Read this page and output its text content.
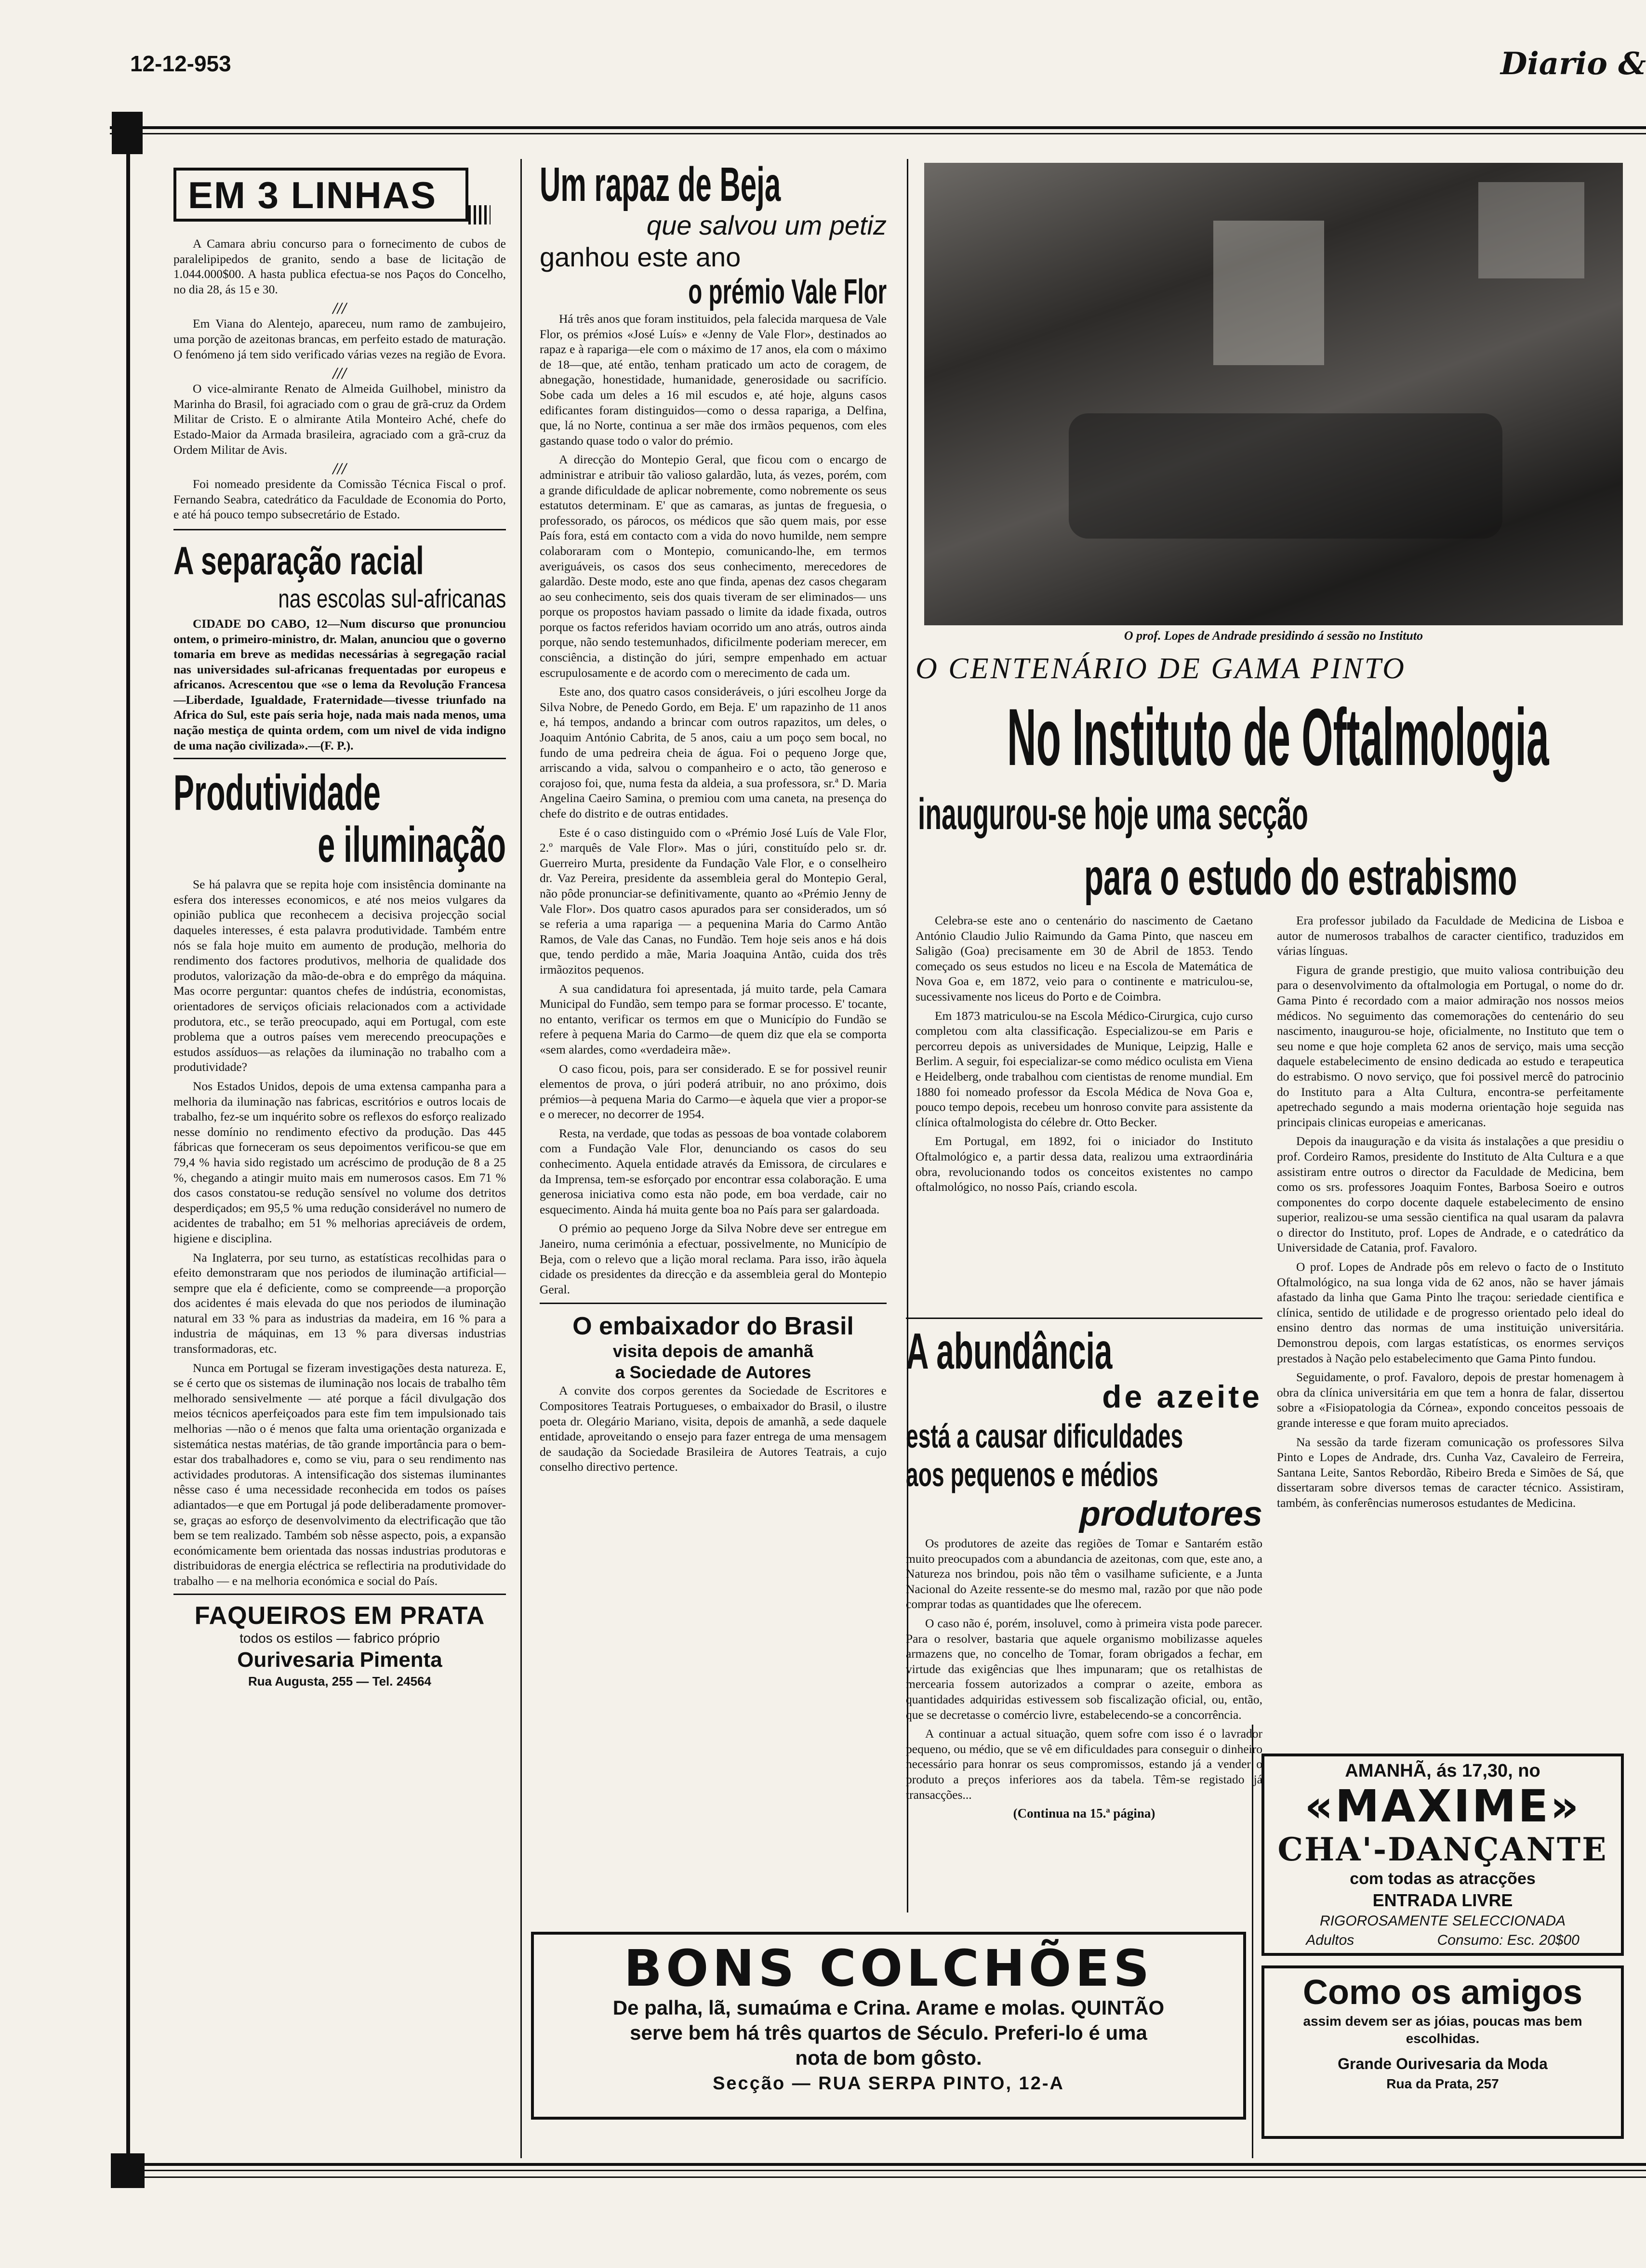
12-12-953	Diario &
EM 3 LINHAS

A Camara abriu concurso para o fornecimento de cubos de paralelipipedos de granito, sendo a base de licitação de 1.044.000$00. A hasta publica efectua-se nos Paços do Concelho, no dia 28, ás 15 e 30.

///

Em Viana do Alentejo, apareceu, num ramo de zambujeiro, uma porção de azeitonas brancas, em perfeito estado de maturação. O fenómeno já tem sido verificado várias vezes na região de Evora.

///

O vice-almirante Renato de Almeida Guilhobel, ministro da Marinha do Brasil, foi agraciado com o grau de grã-cruz da Ordem Militar de Cristo. E o almirante Atila Monteiro Aché, chefe do Estado-Maior da Armada brasileira, agraciado com a grã-cruz da Ordem Militar de Avis.

///

Foi nomeado presidente da Comissão Técnica Fiscal o prof. Fernando Seabra, catedrático da Faculdade de Economia do Porto, e até há pouco tempo subsecretário de Estado.

A separação racial
nas escolas sul-africanas

CIDADE DO CABO, 12—Num discurso que pronunciou ontem, o primeiro-ministro, dr. Malan, anunciou que o governo tomaria em breve as medidas necessárias à segregação racial nas universidades sul-africanas frequentadas por europeus e africanos. Acrescentou que «se o lema da Revolução Francesa—Liberdade, Igualdade, Fraternidade—tivesse triunfado na Africa do Sul, este país seria hoje, nada mais nada menos, uma nação mestiça de quinta ordem, com um nivel de vida indigno de uma nação civilizada».—(F. P.).

Produtividade
e iluminação

Se há palavra que se repita hoje com insistência dominante na esfera dos interesses economicos, e até nos meios vulgares da opinião publica que reconhecem a decisiva projecção social daqueles interesses, é esta palavra produtividade. Também entre nós se fala hoje muito em aumento de produção, melhoria do rendimento dos factores produtivos, melhoria de qualidade dos produtos, valorização da mão-de-obra e do emprêgo da máquina. Mas ocorre perguntar: quantos chefes de indústria, economistas, orientadores de serviços oficiais relacionados com a actividade produtora, etc., se terão preocupado, aqui em Portugal, com este problema que a outros países vem merecendo preocupações e estudos assíduos—as relações da iluminação no trabalho com a produtividade?

Nos Estados Unidos, depois de uma extensa campanha para a melhoria da iluminação nas fabricas, escritórios e outros locais de trabalho, fez-se um inquérito sobre os reflexos do esforço realizado nesse domínio no rendimento efectivo da produção. Das 445 fábricas que forneceram os seus depoimentos verificou-se que em 79,4 % havia sido registado um acréscimo de produção de 8 a 25 %, chegando a atingir muito mais em numerosos casos. Em 71 % dos casos constatou-se redução sensível no volume dos detritos desperdiçados; em 95,5 % uma redução considerável no numero de acidentes de trabalho; em 51 % melhorias apreciáveis de ordem, higiene e disciplina.

Na Inglaterra, por seu turno, as estatísticas recolhidas para o efeito demonstraram que nos periodos de iluminação artificial—sempre que ela é deficiente, como se compreende—a proporção dos acidentes é mais elevada do que nos periodos de iluminação natural em 33 % para as industrias da madeira, em 16 % para a industria de máquinas, em 13 % para diversas industrias transformadoras, etc.

Nunca em Portugal se fizeram investigações desta natureza. E, se é certo que os sistemas de iluminação nos locais de trabalho têm melhorado sensivelmente — até porque a fácil divulgação dos meios técnicos aperfeiçoados para este fim tem impulsionado tais melhorias —não o é menos que falta uma orientação organizada e sistemática nestas matérias, de tão grande importância para o bem-estar dos trabalhadores e, como se viu, para o seu rendimento nas actividades produtoras. A intensificação dos sistemas iluminantes nêsse caso é uma necessidade reconhecida em todos os países adiantados—e que em Portugal já pode deliberadamente promover-se, graças ao esforço de desenvolvimento da electrificação que tão bem se tem realizado. Também sob nêsse aspecto, pois, a expansão económicamente bem orientada das nossas industrias produtoras e distribuidoras de energia eléctrica se reflectiria na produtividade do trabalho — e na melhoria económica e social do País.

FAQUEIROS EM PRATA
todos os estilos — fabrico próprio
Ourivesaria Pimenta
Rua Augusta, 255 — Tel. 24564
Um rapaz de Beja
que salvou um petiz
ganhou este ano
o prémio Vale Flor

Há três anos que foram instituidos, pela falecida marquesa de Vale Flor, os prémios «José Luís» e «Jenny de Vale Flor», destinados ao rapaz e à rapariga—ele com o máximo de 17 anos, ela com o máximo de 18—que, até então, tenham praticado um acto de coragem, de abnegação, honestidade, humanidade, generosidade ou sacrifício. Sobe cada um deles a 16 mil escudos e, até hoje, alguns casos edificantes foram distinguidos—como o dessa rapariga, a Delfina, que, lá no Norte, continua a ser mãe dos irmãos pequenos, com eles gastando quase todo o valor do prémio.

A direcção do Montepio Geral, que ficou com o encargo de administrar e atribuir tão valioso galardão, luta, ás vezes, porém, com a grande dificuldade de aplicar nobremente, como nobremente os seus estatutos determinam. E' que as camaras, as juntas de freguesia, o professorado, os párocos, os médicos que são quem mais, por esse País fora, está em contacto com a vida do novo humilde, nem sempre colaboraram com o Montepio, comunicando-lhe, em termos averiguáveis, os casos dos seus conhecimento, merecedores de galardão. Deste modo, este ano que finda, apenas dez casos chegaram ao seu conhecimento, seis dos quais tiveram de ser eliminados— uns porque os propostos haviam passado o limite da idade fixada, outros porque os factos referidos haviam ocorrido um ano atrás, outros ainda porque, não sendo testemunhados, dificilmente poderiam merecer, em consciência, a distinção do júri, sempre empenhado em actuar escrupulosamente e de acordo com o merecimento de cada um.

Este ano, dos quatro casos consideráveis, o júri escolheu Jorge da Silva Nobre, de Penedo Gordo, em Beja. E' um rapazinho de 11 anos e, há tempos, andando a brincar com outros rapazitos, um deles, o Joaquim António Cabrita, de 5 anos, caiu a um poço sem bocal, no fundo de uma pedreira cheia de água. Foi o pequeno Jorge que, arriscando a vida, salvou o companheiro e o acto, tão generoso e corajoso foi, que, numa festa da aldeia, a sua professora, sr.ª D. Maria Angelina Caeiro Samina, o premiou com uma caneta, na presença do chefe do distrito e de outras entidades.

Este é o caso distinguido com o «Prémio José Luís de Vale Flor, 2.º marquês de Vale Flor». Mas o júri, constituído pelo sr. dr. Guerreiro Murta, presidente da Fundação Vale Flor, e o conselheiro dr. Vaz Pereira, presidente da assembleia geral do Montepio Geral, não pôde pronunciar-se definitivamente, quanto ao «Prémio Jenny de Vale Flor». Dos quatro casos apurados para ser considerados, um só se referia a uma rapariga — a pequenina Maria do Carmo Antão Ramos, de Vale das Canas, no Fundão. Tem hoje seis anos e há dois que, tendo perdido a mãe, Maria Joaquina Antão, cuida dos três irmãozitos pequenos.

A sua candidatura foi apresentada, já muito tarde, pela Camara Municipal do Fundão, sem tempo para se formar processo. E' tocante, no entanto, verificar os termos em que o Município do Fundão se refere à pequena Maria do Carmo—de quem diz que ela se comporta «sem alardes, como «verdadeira mãe».

O caso ficou, pois, para ser considerado. E se for possivel reunir elementos de prova, o júri poderá atribuir, no ano próximo, dois prémios—à pequena Maria do Carmo—e àquela que vier a propor-se e o merecer, no decorrer de 1954.

Resta, na verdade, que todas as pessoas de boa vontade colaborem com a Fundação Vale Flor, denunciando os casos do seu conhecimento. Aquela entidade através da Emissora, de circulares e da Imprensa, tem-se esforçado por encontrar essa colaboração. E uma generosa iniciativa como esta não pode, em boa verdade, cair no esquecimento. Ainda há muita gente boa no País para ser galardoada.

O prémio ao pequeno Jorge da Silva Nobre deve ser entregue em Janeiro, numa cerimónia a efectuar, possivelmente, no Município de Beja, com o relevo que a lição moral reclama. Para isso, irão àquela cidade os presidentes da direcção e da assembleia geral do Montepio Geral.

O embaixador do Brasil
visita depois de amanhã
a Sociedade de Autores

A convite dos corpos gerentes da Sociedade de Escritores e Compositores Teatrais Portugueses, o embaixador do Brasil, o ilustre poeta dr. Olegário Mariano, visita, depois de amanhã, a sede daquele entidade, aproveitando o ensejo para fazer entrega de uma mensagem de saudação da Sociedade Brasileira de Autores Teatrais, a cujo conselho directivo pertence.

O prof. Lopes de Andrade presidindo á sessão no Instituto
O CENTENÁRIO DE GAMA PINTO
No Instituto de Oftalmologia
inaugurou-se hoje uma secção
para o estudo do estrabismo

Celebra-se este ano o centenário do nascimento de Caetano António Claudio Julio Raimundo da Gama Pinto, que nasceu em Saligão (Goa) precisamente em 30 de Abril de 1853. Tendo começado os seus estudos no liceu e na Escola de Matemática de Nova Goa e, em 1872, veio para o continente e matriculou-se, sucessivamente nos liceus do Porto e de Coimbra.

Em 1873 matriculou-se na Escola Médico-Cirurgica, cujo curso completou com alta classificação. Especializou-se em Paris e percorreu depois as universidades de Munique, Leipzig, Halle e Berlim. A seguir, foi especializar-se como médico oculista em Viena e Heidelberg, onde trabalhou com cientistas de renome mundial. Em 1880 foi nomeado professor da Escola Médica de Nova Goa e, pouco tempo depois, recebeu um honroso convite para assistente da clínica oftalmologista do célebre dr. Otto Becker.

Em Portugal, em 1892, foi o iniciador do Instituto Oftalmológico e, a partir dessa data, realizou uma extraordinária obra, revolucionando todos os conceitos existentes no campo oftalmológico, no nosso País, criando escola.

Era professor jubilado da Faculdade de Medicina de Lisboa e autor de numerosos trabalhos de caracter cientifico, traduzidos em várias línguas.

Figura de grande prestigio, que muito valiosa contribuição deu para o desenvolvimento da oftalmologia em Portugal, o nome do dr. Gama Pinto é recordado com a maior admiração nos nossos meios médicos. No seguimento das comemorações do centenário do seu nascimento, inaugurou-se hoje, oficialmente, no Instituto que tem o seu nome e que hoje completa 62 anos de serviço, mais uma secção daquele estabelecimento de ensino dedicada ao estudo e terapeutica do estrabismo. O novo serviço, que foi possivel mercê do patrocinio do Instituto para a Alta Cultura, encontra-se perfeitamente apetrechado segundo a mais moderna orientação hoje seguida nas principais clinicas europeias e americanas.

Depois da inauguração e da visita ás instalações a que presidiu o prof. Cordeiro Ramos, presidente do Instituto de Alta Cultura e a que assistiram entre outros o director da Faculdade de Medicina, bem como os srs. professores Joaquim Fontes, Barbosa Soeiro e outros componentes do corpo docente daquele estabelecimento de ensino superior, realizou-se uma sessão cientifica na qual usaram da palavra o director do Instituto, prof. Lopes de Andrade, e o catedrático da Universidade de Catania, prof. Favaloro.

O prof. Lopes de Andrade pôs em relevo o facto de o Instituto Oftalmológico, na sua longa vida de 62 anos, não se haver jámais afastado da linha que Gama Pinto lhe traçou: seriedade cientifica e clínica, sentido de utilidade e de progresso orientado pelo ideal do ensino dentro das normas de uma instituição universitária. Demonstrou depois, com largas estatísticas, os enormes serviços prestados à Nação pelo estabelecimento que Gama Pinto fundou.

Seguidamente, o prof. Favaloro, depois de prestar homenagem à obra da clínica universitária em que tem a honra de falar, dissertou sobre a «Fisiopatologia da Córnea», expondo conceitos pessoais de grande interesse e que foram muito apreciados.

Na sessão da tarde fizeram comunicação os professores Silva Pinto e Lopes de Andrade, drs. Cunha Vaz, Cavaleiro de Ferreira, Santana Leite, Santos Rebordão, Ribeiro Breda e Simões de Sá, que dissertaram sobre diversos temas de caracter técnico. Assistiram, também, às conferências numerosos estudantes de Medicina.

A abundância
de azeite
está a causar dificuldades
aos pequenos e médios
produtores

Os produtores de azeite das regiões de Tomar e Santarém estão muito preocupados com a abundancia de azeitonas, com que, este ano, a Natureza nos brindou, pois não têm o vasilhame suficiente, e a Junta Nacional do Azeite ressente-se do mesmo mal, razão por que não pode comprar todas as quantidades que lhe oferecem.

O caso não é, porém, insoluvel, como à primeira vista pode parecer. Para o resolver, bastaria que aquele organismo mobilizasse aqueles armazens que, no concelho de Tomar, foram obrigados a fechar, em virtude das exigências que lhes impunaram; que os retalhistas de mercearia fossem autorizados a comprar o azeite, embora as quantidades adquiridas estivessem sob fiscalização oficial, ou, então, que se decretasse o comércio livre, estabelecendo-se a concorrência.

A continuar a actual situação, quem sofre com isso é o lavrador pequeno, ou médio, que se vê em dificuldades para conseguir o dinheiro necessário para honrar os seus compromissos, estando já a vender o produto a preços inferiores aos da tabela. Têm-se registado já transacções...

(Continua na 15.ª página)
AMANHÃ, ás 17,30, no
«MAXIME»
CHA'-DANÇANTE
com todas as atracções
ENTRADA LIVRE
RIGOROSAMENTE SELECCIONADA
Adultos	Consumo: Esc. 20$00
Como os amigos
assim devem ser as jóias, poucas mas bem escolhidas.
Grande Ourivesaria da Moda
Rua da Prata, 257
BONS COLCHÕES
De palha, lã, sumaúma e Crina. Arame e molas. QUINTÃO
serve bem há três quartos de Século. Preferi-lo é uma
nota de bom gôsto.
Secção — RUA SERPA PINTO, 12-A
